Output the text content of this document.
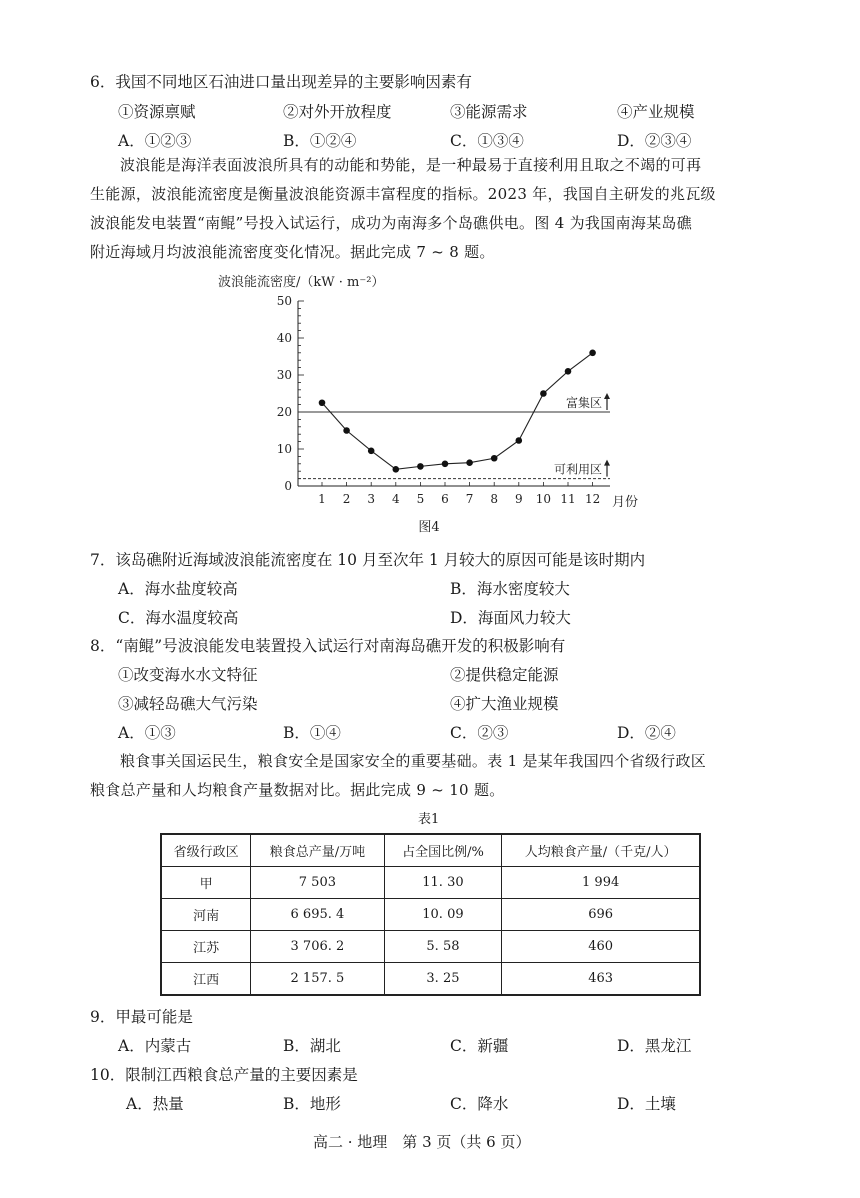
6．我国不同地区石油进口量出现差异的主要影响因素有
①资源禀赋	②对外开放程度	③能源需求	④产业规模
A．①②③	B．①②④	C．①③④	D．②③④

波浪能是海洋表面波浪所具有的动能和势能，是一种最易于直接利用且取之不竭的可再

生能源，波浪能流密度是衡量波浪能资源丰富程度的指标。2023 年，我国自主研发的兆瓦级
波浪能发电装置“南鲲”号投入试运行，成功为南海多个岛礁供电。图 4 为我国南海某岛礁
附近海域月均波浪能流密度变化情况。据此完成 7 ~ 8 题。
波浪能流密度/（kW · m⁻²）
0
10
20
30
40
50
1 2 3 4 5 6 7 8 9 10 11 12
富集区
可利用区
月份
图4
7．该岛礁附近海域波浪能流密度在 10 月至次年 1 月较大的原因可能是该时期内
A．海水盐度较高	B．海水密度较大
C．海水温度较高	D．海面风力较大
8．“南鲲”号波浪能发电装置投入试运行对南海岛礁开发的积极影响有
①改变海水水文特征	②提供稳定能源
③减轻岛礁大气污染	④扩大渔业规模
A．①③	B．①④	C．②③	D．②④

粮食事关国运民生，粮食安全是国家安全的重要基础。表 1 是某年我国四个省级行政区

粮食总产量和人均粮食产量数据对比。据此完成 9 ~ 10 题。
表1
省级行政区	粮食总产量/万吨	占全国比例/%	人均粮食产量/（千克/人）
甲	7 503	11. 30	1 994
河南	6 695. 4	10. 09	696
江苏	3 706. 2	5. 58	460
江西	2 157. 5	3. 25	463
9．甲最可能是
A．内蒙古	B．湖北	C．新疆	D．黑龙江
10．限制江西粮食总产量的主要因素是
A．热量	B．地形	C．降水	D．土壤
高二 · 地理　第 3 页（共 6 页）
